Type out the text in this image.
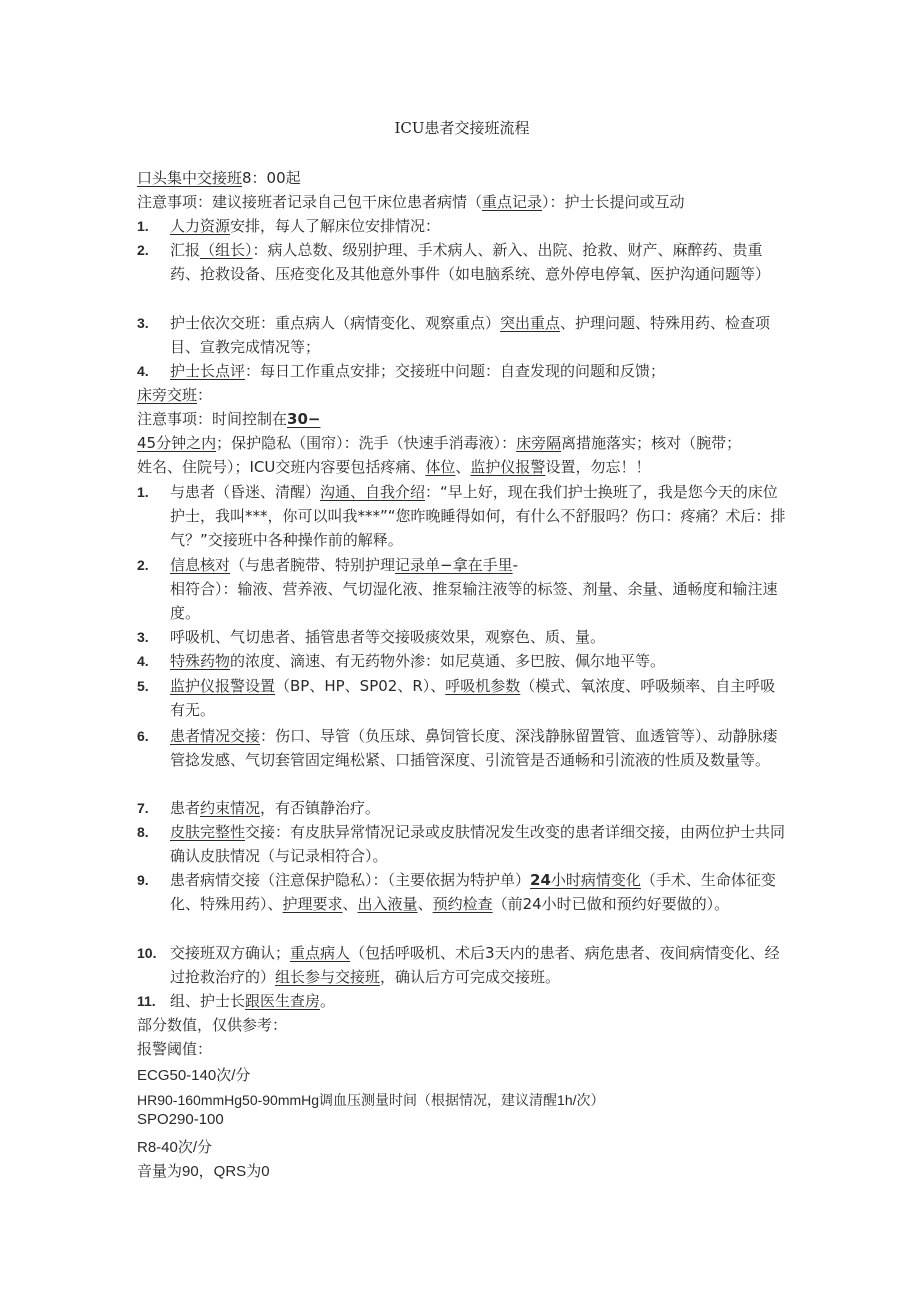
ICU患者交接班流程
口头集中交接班8：00起
注意事项：建议接班者记录自己包干床位患者病情（重点记录）：护士长提问或互动
1. 人力资源安排，每人了解床位安排情况：
2. 汇报（组长）：病人总数、级别护理、手术病人、新入、出院、抢救、财产、麻醉药、贵重药、抢救设备、压疮变化及其他意外事件（如电脑系统、意外停电停氧、医护沟通问题等）
3. 护士依次交班：重点病人（病情变化、观察重点）突出重点、护理问题、特殊用药、检查项目、宣教完成情况等；
4. 护士长点评：每日工作重点安排；交接班中问题：自查发现的问题和反馈；
床旁交班：
注意事项：时间控制在30−
45分钟之内；保护隐私（围帘）：洗手（快速手消毒液）：床旁隔离措施落实；核对（腕带；
姓名、住院号）；ICU交班内容要包括疼痛、体位、监护仪报警设置，勿忘！！
1. 与患者（昏迷、清醒）沟通、自我介绍：“早上好，现在我们护士换班了，我是您今天的床位护士，我叫***，你可以叫我***”“您昨晚睡得如何，有什么不舒服吗？伤口：疼痛？术后：排气？”交接班中各种操作前的解释。
2. 信息核对（与患者腕带、特别护理记录单−拿在手里-
相符合）：输液、营养液、气切湿化液、推泵输注液等的标签、剂量、余量、通畅度和输注速度。
3. 呼吸机、气切患者、插管患者等交接吸痰效果，观察色、质、量。
4. 特殊药物的浓度、滴速、有无药物外渗：如尼莫通、多巴胺、佩尔地平等。
5. 监护仪报警设置（BP、HP、SP02、R）、呼吸机参数（模式、氧浓度、呼吸频率、自主呼吸有无。
6. 患者情况交接：伤口、导管（负压球、鼻饲管长度、深浅静脉留置管、血透管等）、动静脉瘘管捻发感、气切套管固定绳松紧、口插管深度、引流管是否通畅和引流液的性质及数量等。
7. 患者约束情况，有否镇静治疗。
8. 皮肤完整性交接：有皮肤异常情况记录或皮肤情况发生改变的患者详细交接，由两位护士共同确认皮肤情况（与记录相符合）。
9. 患者病情交接（注意保护隐私）：（主要依据为特护单）24小时病情变化（手术、生命体征变化、特殊用药）、护理要求、出入液量、预约检查（前24小时已做和预约好要做的）。
10. 交接班双方确认；重点病人（包括呼吸机、术后3天内的患者、病危患者、夜间病情变化、经过抢救治疗的）组长参与交接班，确认后方可完成交接班。
11. 组、护士长跟医生查房。
部分数值，仅供参考：
报警阈值：
ECG50-140次/分
HR90-160mmHg50-90mmHg调血压测量时间（根据情况，建议清醒1h/次）
SPO290-100
R8-40次/分
音量为90，QRS为0
